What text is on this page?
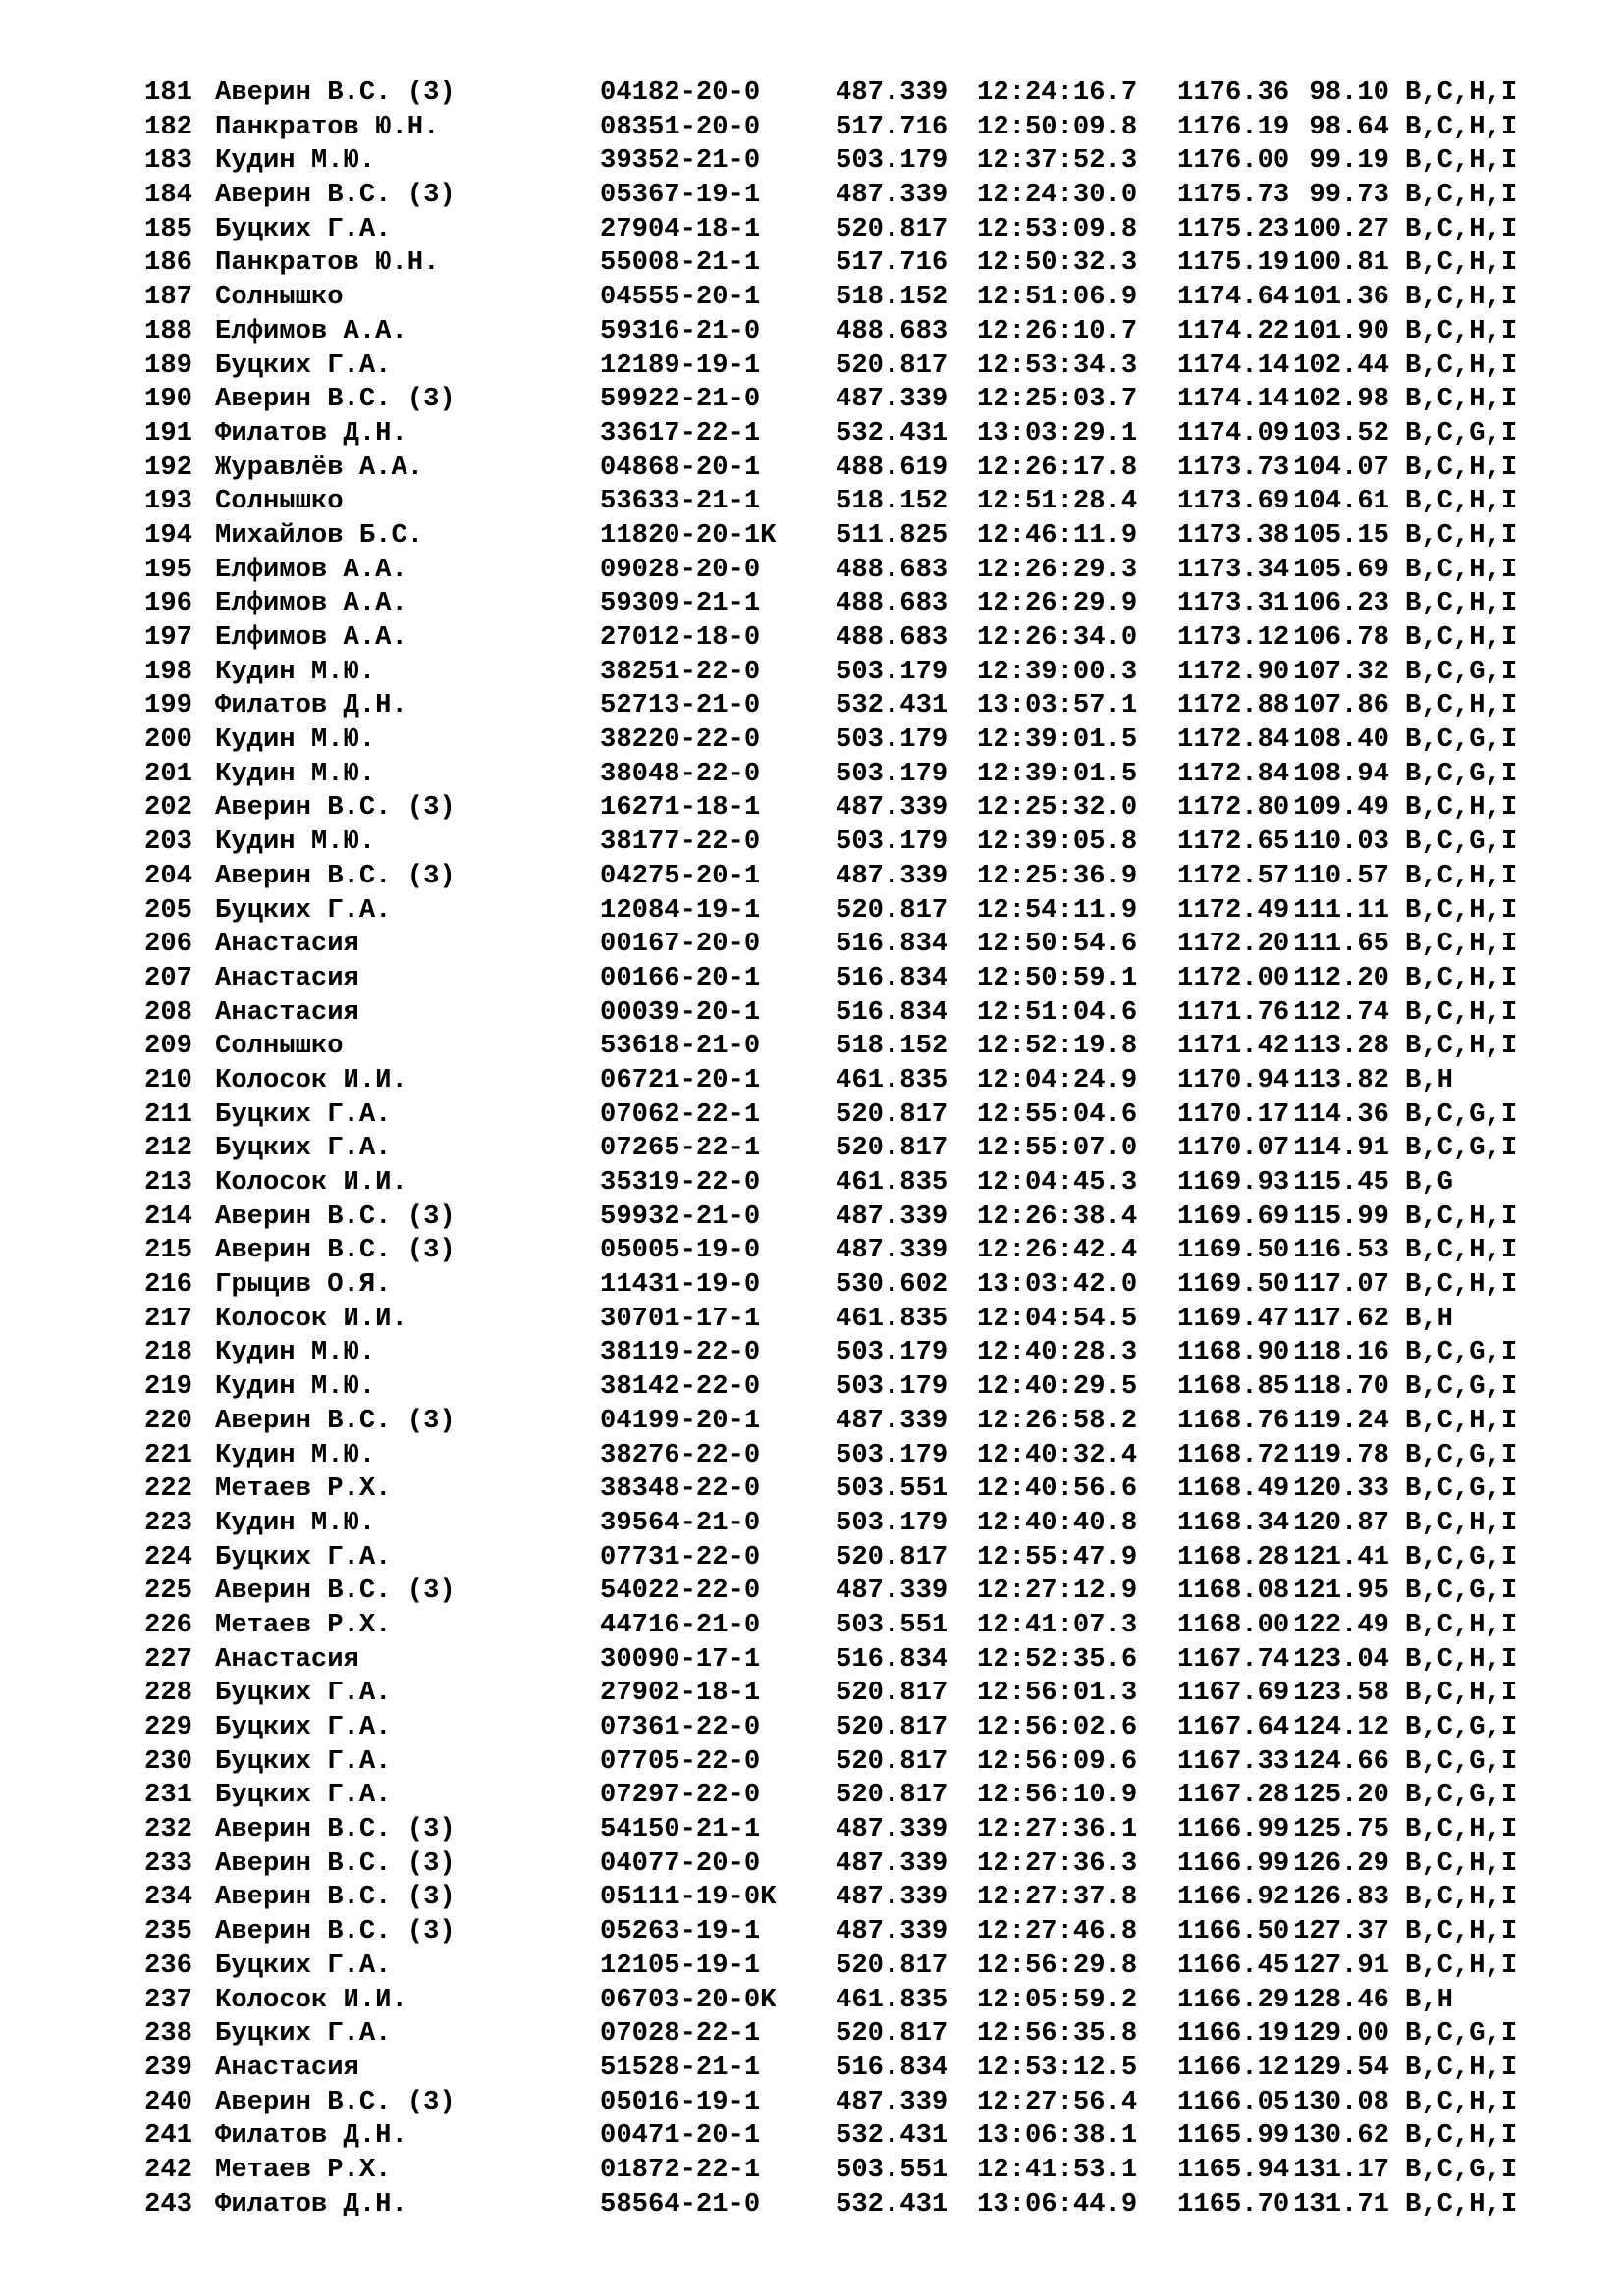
181 Аверин В.С. (3)	04182-20-0	487.339 12:24:16.7 1176.36 98.10 B,C,H,I
182 Панкратов Ю.Н.	08351-20-0	517.716 12:50:09.8 1176.19 98.64 B,C,H,I
183 Кудин М.Ю.	39352-21-0	503.179 12:37:52.3 1176.00 99.19 B,C,H,I
184 Аверин В.С. (3)	05367-19-1	487.339 12:24:30.0 1175.73 99.73 B,C,H,I
185 Буцких Г.А.	27904-18-1	520.817 12:53:09.8 1175.23 100.27 B,C,H,I
186 Панкратов Ю.Н.	55008-21-1	517.716 12:50:32.3 1175.19 100.81 B,C,H,I
187 Солнышко	04555-20-1	518.152 12:51:06.9 1174.64 101.36 B,C,H,I
188 Елфимов А.А.	59316-21-0	488.683 12:26:10.7 1174.22 101.90 B,C,H,I
189 Буцких Г.А.	12189-19-1	520.817 12:53:34.3 1174.14 102.44 B,C,H,I
190 Аверин В.С. (3)	59922-21-0	487.339 12:25:03.7 1174.14 102.98 B,C,H,I
191 Филатов Д.Н.	33617-22-1	532.431 13:03:29.1 1174.09 103.52 B,C,G,I
192 Журавлёв А.А.	04868-20-1	488.619 12:26:17.8 1173.73 104.07 B,C,H,I
193 Солнышко	53633-21-1	518.152 12:51:28.4 1173.69 104.61 B,C,H,I
194 Михайлов Б.С.	11820-20-1K 511.825 12:46:11.9 1173.38 105.15 B,C,H,I
195 Елфимов А.А.	09028-20-0	488.683 12:26:29.3 1173.34 105.69 B,C,H,I
196 Елфимов А.А.	59309-21-1	488.683 12:26:29.9 1173.31 106.23 B,C,H,I
197 Елфимов А.А.	27012-18-0	488.683 12:26:34.0 1173.12 106.78 B,C,H,I
198 Кудин М.Ю.	38251-22-0	503.179 12:39:00.3 1172.90 107.32 B,C,G,I
199 Филатов Д.Н.	52713-21-0	532.431 13:03:57.1 1172.88 107.86 B,C,H,I
200 Кудин М.Ю.	38220-22-0	503.179 12:39:01.5 1172.84 108.40 B,C,G,I
201 Кудин М.Ю.	38048-22-0	503.179 12:39:01.5 1172.84 108.94 B,C,G,I
202 Аверин В.С. (3)	16271-18-1	487.339 12:25:32.0 1172.80 109.49 B,C,H,I
203 Кудин М.Ю.	38177-22-0	503.179 12:39:05.8 1172.65 110.03 B,C,G,I
204 Аверин В.С. (3)	04275-20-1	487.339 12:25:36.9 1172.57 110.57 B,C,H,I
205 Буцких Г.А.	12084-19-1	520.817 12:54:11.9 1172.49 111.11 B,C,H,I
206 Анастасия	00167-20-0	516.834 12:50:54.6 1172.20 111.65 B,C,H,I
207 Анастасия	00166-20-1	516.834 12:50:59.1 1172.00 112.20 B,C,H,I
208 Анастасия	00039-20-1	516.834 12:51:04.6 1171.76 112.74 B,C,H,I
209 Солнышко	53618-21-0	518.152 12:52:19.8 1171.42 113.28 B,C,H,I
210 Колосок И.И.	06721-20-1	461.835 12:04:24.9 1170.94 113.82 B,H
211 Буцких Г.А.	07062-22-1	520.817 12:55:04.6 1170.17 114.36 B,C,G,I
212 Буцких Г.А.	07265-22-1	520.817 12:55:07.0 1170.07 114.91 B,C,G,I
213 Колосок И.И.	35319-22-0	461.835 12:04:45.3 1169.93 115.45 B,G
214 Аверин В.С. (3)	59932-21-0	487.339 12:26:38.4 1169.69 115.99 B,C,H,I
215 Аверин В.С. (3)	05005-19-0	487.339 12:26:42.4 1169.50 116.53 B,C,H,I
216 Грыцив О.Я.	11431-19-0	530.602 13:03:42.0 1169.50 117.07 B,C,H,I
217 Колосок И.И.	30701-17-1	461.835 12:04:54.5 1169.47 117.62 B,H
218 Кудин М.Ю.	38119-22-0	503.179 12:40:28.3 1168.90 118.16 B,C,G,I
219 Кудин М.Ю.	38142-22-0	503.179 12:40:29.5 1168.85 118.70 B,C,G,I
220 Аверин В.С. (3)	04199-20-1	487.339 12:26:58.2 1168.76 119.24 B,C,H,I
221 Кудин М.Ю.	38276-22-0	503.179 12:40:32.4 1168.72 119.78 B,C,G,I
222 Метаев Р.Х.	38348-22-0	503.551 12:40:56.6 1168.49 120.33 B,C,G,I
223 Кудин М.Ю.	39564-21-0	503.179 12:40:40.8 1168.34 120.87 B,C,H,I
224 Буцких Г.А.	07731-22-0	520.817 12:55:47.9 1168.28 121.41 B,C,G,I
225 Аверин В.С. (3)	54022-22-0	487.339 12:27:12.9 1168.08 121.95 B,C,G,I
226 Метаев Р.Х.	44716-21-0	503.551 12:41:07.3 1168.00 122.49 B,C,H,I
227 Анастасия	30090-17-1	516.834 12:52:35.6 1167.74 123.04 B,C,H,I
228 Буцких Г.А.	27902-18-1	520.817 12:56:01.3 1167.69 123.58 B,C,H,I
229 Буцких Г.А.	07361-22-0	520.817 12:56:02.6 1167.64 124.12 B,C,G,I
230 Буцких Г.А.	07705-22-0	520.817 12:56:09.6 1167.33 124.66 B,C,G,I
231 Буцких Г.А.	07297-22-0	520.817 12:56:10.9 1167.28 125.20 B,C,G,I
232 Аверин В.С. (3)	54150-21-1	487.339 12:27:36.1 1166.99 125.75 B,C,H,I
233 Аверин В.С. (3)	04077-20-0	487.339 12:27:36.3 1166.99 126.29 B,C,H,I
234 Аверин В.С. (3)	05111-19-0K 487.339 12:27:37.8 1166.92 126.83 B,C,H,I
235 Аверин В.С. (3)	05263-19-1	487.339 12:27:46.8 1166.50 127.37 B,C,H,I
236 Буцких Г.А.	12105-19-1	520.817 12:56:29.8 1166.45 127.91 B,C,H,I
237 Колосок И.И.	06703-20-0K 461.835 12:05:59.2 1166.29 128.46 B,H
238 Буцких Г.А.	07028-22-1	520.817 12:56:35.8 1166.19 129.00 B,C,G,I
239 Анастасия	51528-21-1	516.834 12:53:12.5 1166.12 129.54 B,C,H,I
240 Аверин В.С. (3)	05016-19-1	487.339 12:27:56.4 1166.05 130.08 B,C,H,I
241 Филатов Д.Н.	00471-20-1	532.431 13:06:38.1 1165.99 130.62 B,C,H,I
242 Метаев Р.Х.	01872-22-1	503.551 12:41:53.1 1165.94 131.17 B,C,G,I
243 Филатов Д.Н.	58564-21-0	532.431 13:06:44.9 1165.70 131.71 B,C,H,I
